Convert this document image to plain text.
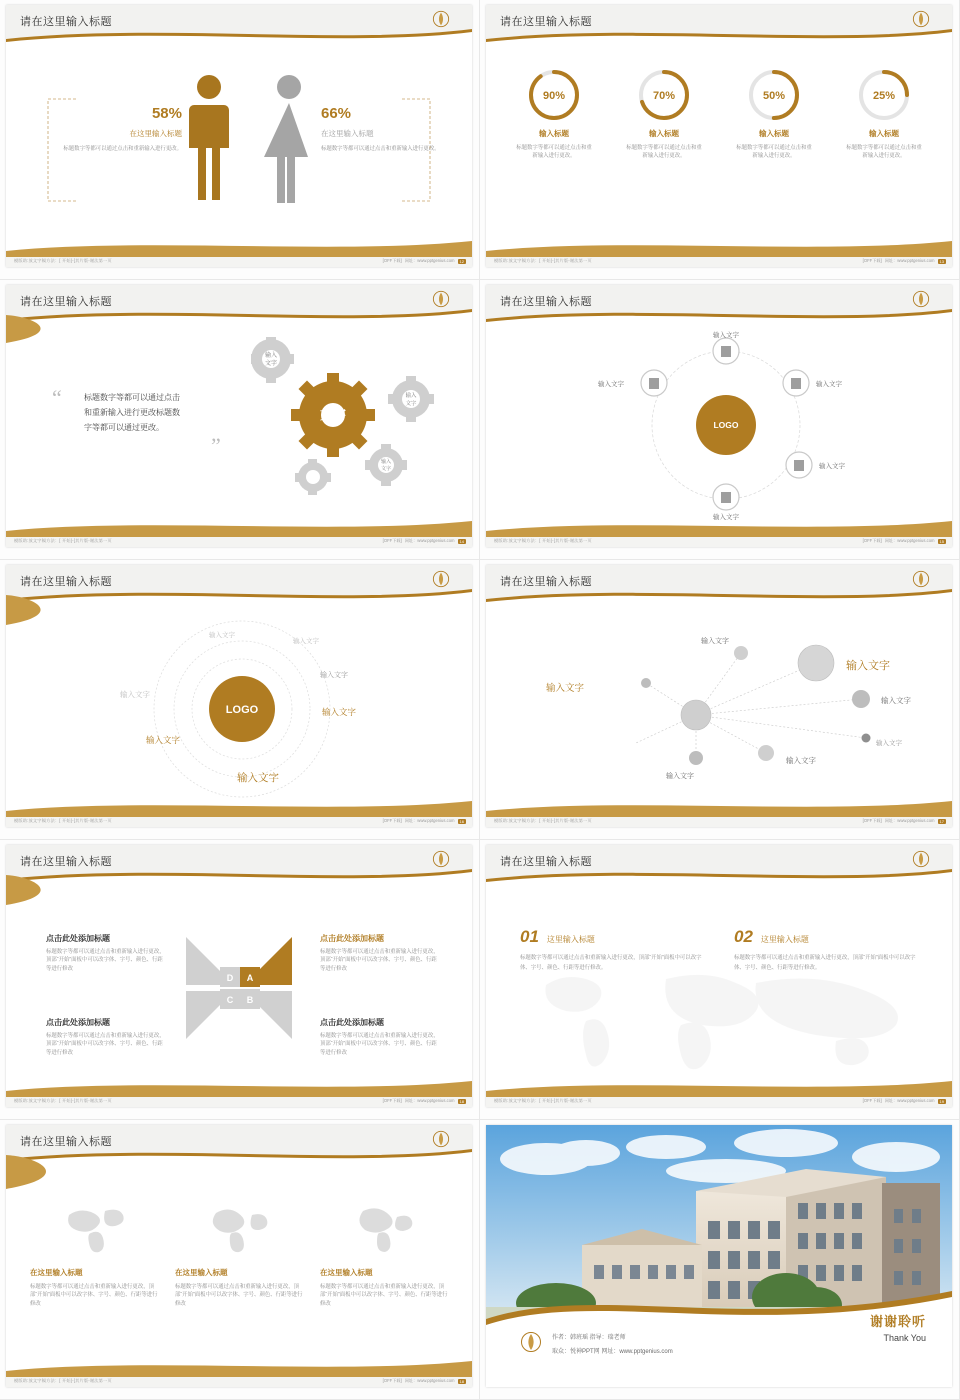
请在这里输入标题
58%
在这里输入标题
标题数字等都可以通过点击和重新输入进行更改。
66%
在这里输入标题
标题数字等都可以通过点击和重新输入进行更改。
模版助:放文字稿方法：[ 开始]-[其片版-谢汰第一页	[OFF下载] 网址：www.pptgenius.com	12
请在这里输入标题
90%
输入标题
标题数字等都可以通过点击和重新输入进行更改。
70%
输入标题
标题数字等都可以通过点击和重新输入进行更改。
50%
输入标题
标题数字等都可以通过点击和重新输入进行更改。
25%
输入标题
标题数字等都可以通过点击和重新输入进行更改。
模版助:放文字稿方法：[ 开始]-[其片版-谢汰第一页	[OFF下载] 网址：www.pptgenius.com	13
请在这里输入标题
“	标题数字等都可以通过点击
和重新输入进行更改标题数
字等都可以通过更改。
”
文字
输入
文字
输入
文字
输入
文字
模版助:放文字稿方法：[ 开始]-[其片版-谢汰第一页	[OFF下载] 网址：www.pptgenius.com	14
请在这里输入标题
LOGO
输入文字
输入文字
输入文字
输入文字
输入文字
模版助:放文字稿方法：[ 开始]-[其片版-谢汰第一页	[OFF下载] 网址：www.pptgenius.com	15
请在这里输入标题
LOGO
输入文字
输入文字
输入文字
输入文字
输入文字
输入文字
输入文字
模版助:放文字稿方法：[ 开始]-[其片版-谢汰第一页	[OFF下载] 网址：www.pptgenius.com	16
请在这里输入标题
输入文字
输入文字
输入文字
输入文字
输入文字
输入文字
输入文字
模版助:放文字稿方法：[ 开始]-[其片版-谢汰第一页	[OFF下载] 网址：www.pptgenius.com	17
请在这里输入标题
D A
C B
点击此处添加标题
标题数字等都可以通过点击和重新输入进行更改，顶部“开始”面板中可以改字体、字号、颜色、行距等进行修改
点击此处添加标题
标题数字等都可以通过点击和重新输入进行更改，顶部“开始”面板中可以改字体、字号、颜色、行距等进行修改
点击此处添加标题
标题数字等都可以通过点击和重新输入进行更改，顶部“开始”面板中可以改字体、字号、颜色、行距等进行修改
点击此处添加标题
标题数字等都可以通过点击和重新输入进行更改，顶部“开始”面板中可以改字体、字号、颜色、行距等进行修改
模版助:放文字稿方法：[ 开始]-[其片版-谢汰第一页	[OFF下载] 网址：www.pptgenius.com	18
请在这里输入标题
01 这里输入标题
标题数字等都可以通过点击和重新输入进行更改，顶部“开始”面板中可以改字体、字号、颜色、行距等进行修改。
02 这里输入标题
标题数字等都可以通过点击和重新输入进行更改，顶部“开始”面板中可以改字体、字号、颜色、行距等进行修改。
模版助:放文字稿方法：[ 开始]-[其片版-谢汰第一页	[OFF下载] 网址：www.pptgenius.com	19
请在这里输入标题
在这里输入标题
标题数字等都可以通过点击和重新输入进行更改，顶部“开始”面板中可以改字体、字号、颜色、行距等进行修改
在这里输入标题
标题数字等都可以通过点击和重新输入进行更改，顶部“开始”面板中可以改字体、字号、颜色、行距等进行修改
在这里输入标题
标题数字等都可以通过点击和重新输入进行更改，顶部“开始”面板中可以改字体、字号、颜色、行距等进行修改
模版助:放文字稿方法：[ 开始]-[其片版-谢汰第一页	[OFF下载] 网址：www.pptgenius.com	18
作者：韩班瑶 指导：瑞老师
取众：悦神PPT网 网址：www.pptgenius.com
谢谢聆听
Thank You
